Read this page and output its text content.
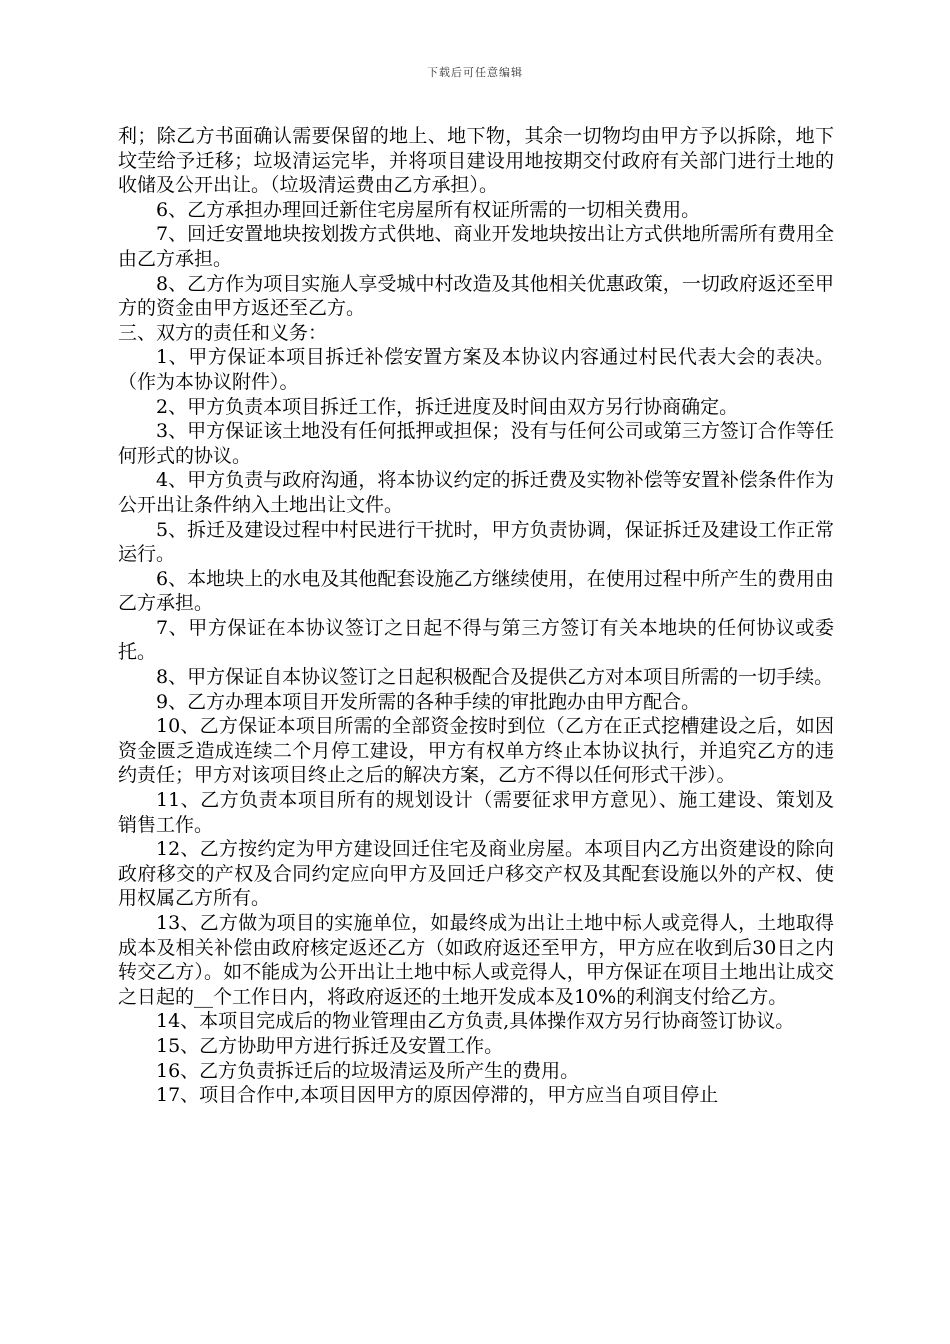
下载后可任意编辑

利；除乙方书面确认需要保留的地上、地下物，其余一切物均由甲方予以拆除，地下坟茔给予迁移；垃圾清运完毕，并将项目建设用地按期交付政府有关部门进行土地的收储及公开出让。（垃圾清运费由乙方承担）。

6、乙方承担办理回迁新住宅房屋所有权证所需的一切相关费用。

7、回迁安置地块按划拨方式供地、商业开发地块按出让方式供地所需所有费用全由乙方承担。

8、乙方作为项目实施人享受城中村改造及其他相关优惠政策，一切政府返还至甲方的资金由甲方返还至乙方。

三、双方的责任和义务：

1、甲方保证本项目拆迁补偿安置方案及本协议内容通过村民代表大会的表决。（作为本协议附件）。

2、甲方负责本项目拆迁工作，拆迁进度及时间由双方另行协商确定。

3、甲方保证该土地没有任何抵押或担保；没有与任何公司或第三方签订合作等任何形式的协议。

4、甲方负责与政府沟通，将本协议约定的拆迁费及实物补偿等安置补偿条件作为公开出让条件纳入土地出让文件。

5、拆迁及建设过程中村民进行干扰时，甲方负责协调，保证拆迁及建设工作正常运行。

6、本地块上的水电及其他配套设施乙方继续使用，在使用过程中所产生的费用由乙方承担。

7、甲方保证在本协议签订之日起不得与第三方签订有关本地块的任何协议或委托。

8、甲方保证自本协议签订之日起积极配合及提供乙方对本项目所需的一切手续。

9、乙方办理本项目开发所需的各种手续的审批跑办由甲方配合。

10、乙方保证本项目所需的全部资金按时到位（乙方在正式挖槽建设之后，如因资金匮乏造成连续二个月停工建设，甲方有权单方终止本协议执行，并追究乙方的违约责任；甲方对该项目终止之后的解决方案，乙方不得以任何形式干涉）。

11、乙方负责本项目所有的规划设计（需要征求甲方意见）、施工建设、策划及销售工作。

12、乙方按约定为甲方建设回迁住宅及商业房屋。本项目内乙方出资建设的除向政府移交的产权及合同约定应向甲方及回迁户移交产权及其配套设施以外的产权、使用权属乙方所有。

13、乙方做为项目的实施单位，如最终成为出让土地中标人或竞得人，土地取得成本及相关补偿由政府核定返还乙方（如政府返还至甲方，甲方应在收到后30日之内转交乙方）。如不能成为公开出让土地中标人或竞得人，甲方保证在项目土地出让成交之日起的__个工作日内，将政府返还的土地开发成本及10%的利润支付给乙方。

14、本项目完成后的物业管理由乙方负责,具体操作双方另行协商签订协议。

15、乙方协助甲方进行拆迁及安置工作。

16、乙方负责拆迁后的垃圾清运及所产生的费用。

17、项目合作中,本项目因甲方的原因停滞的，甲方应当自项目停止
